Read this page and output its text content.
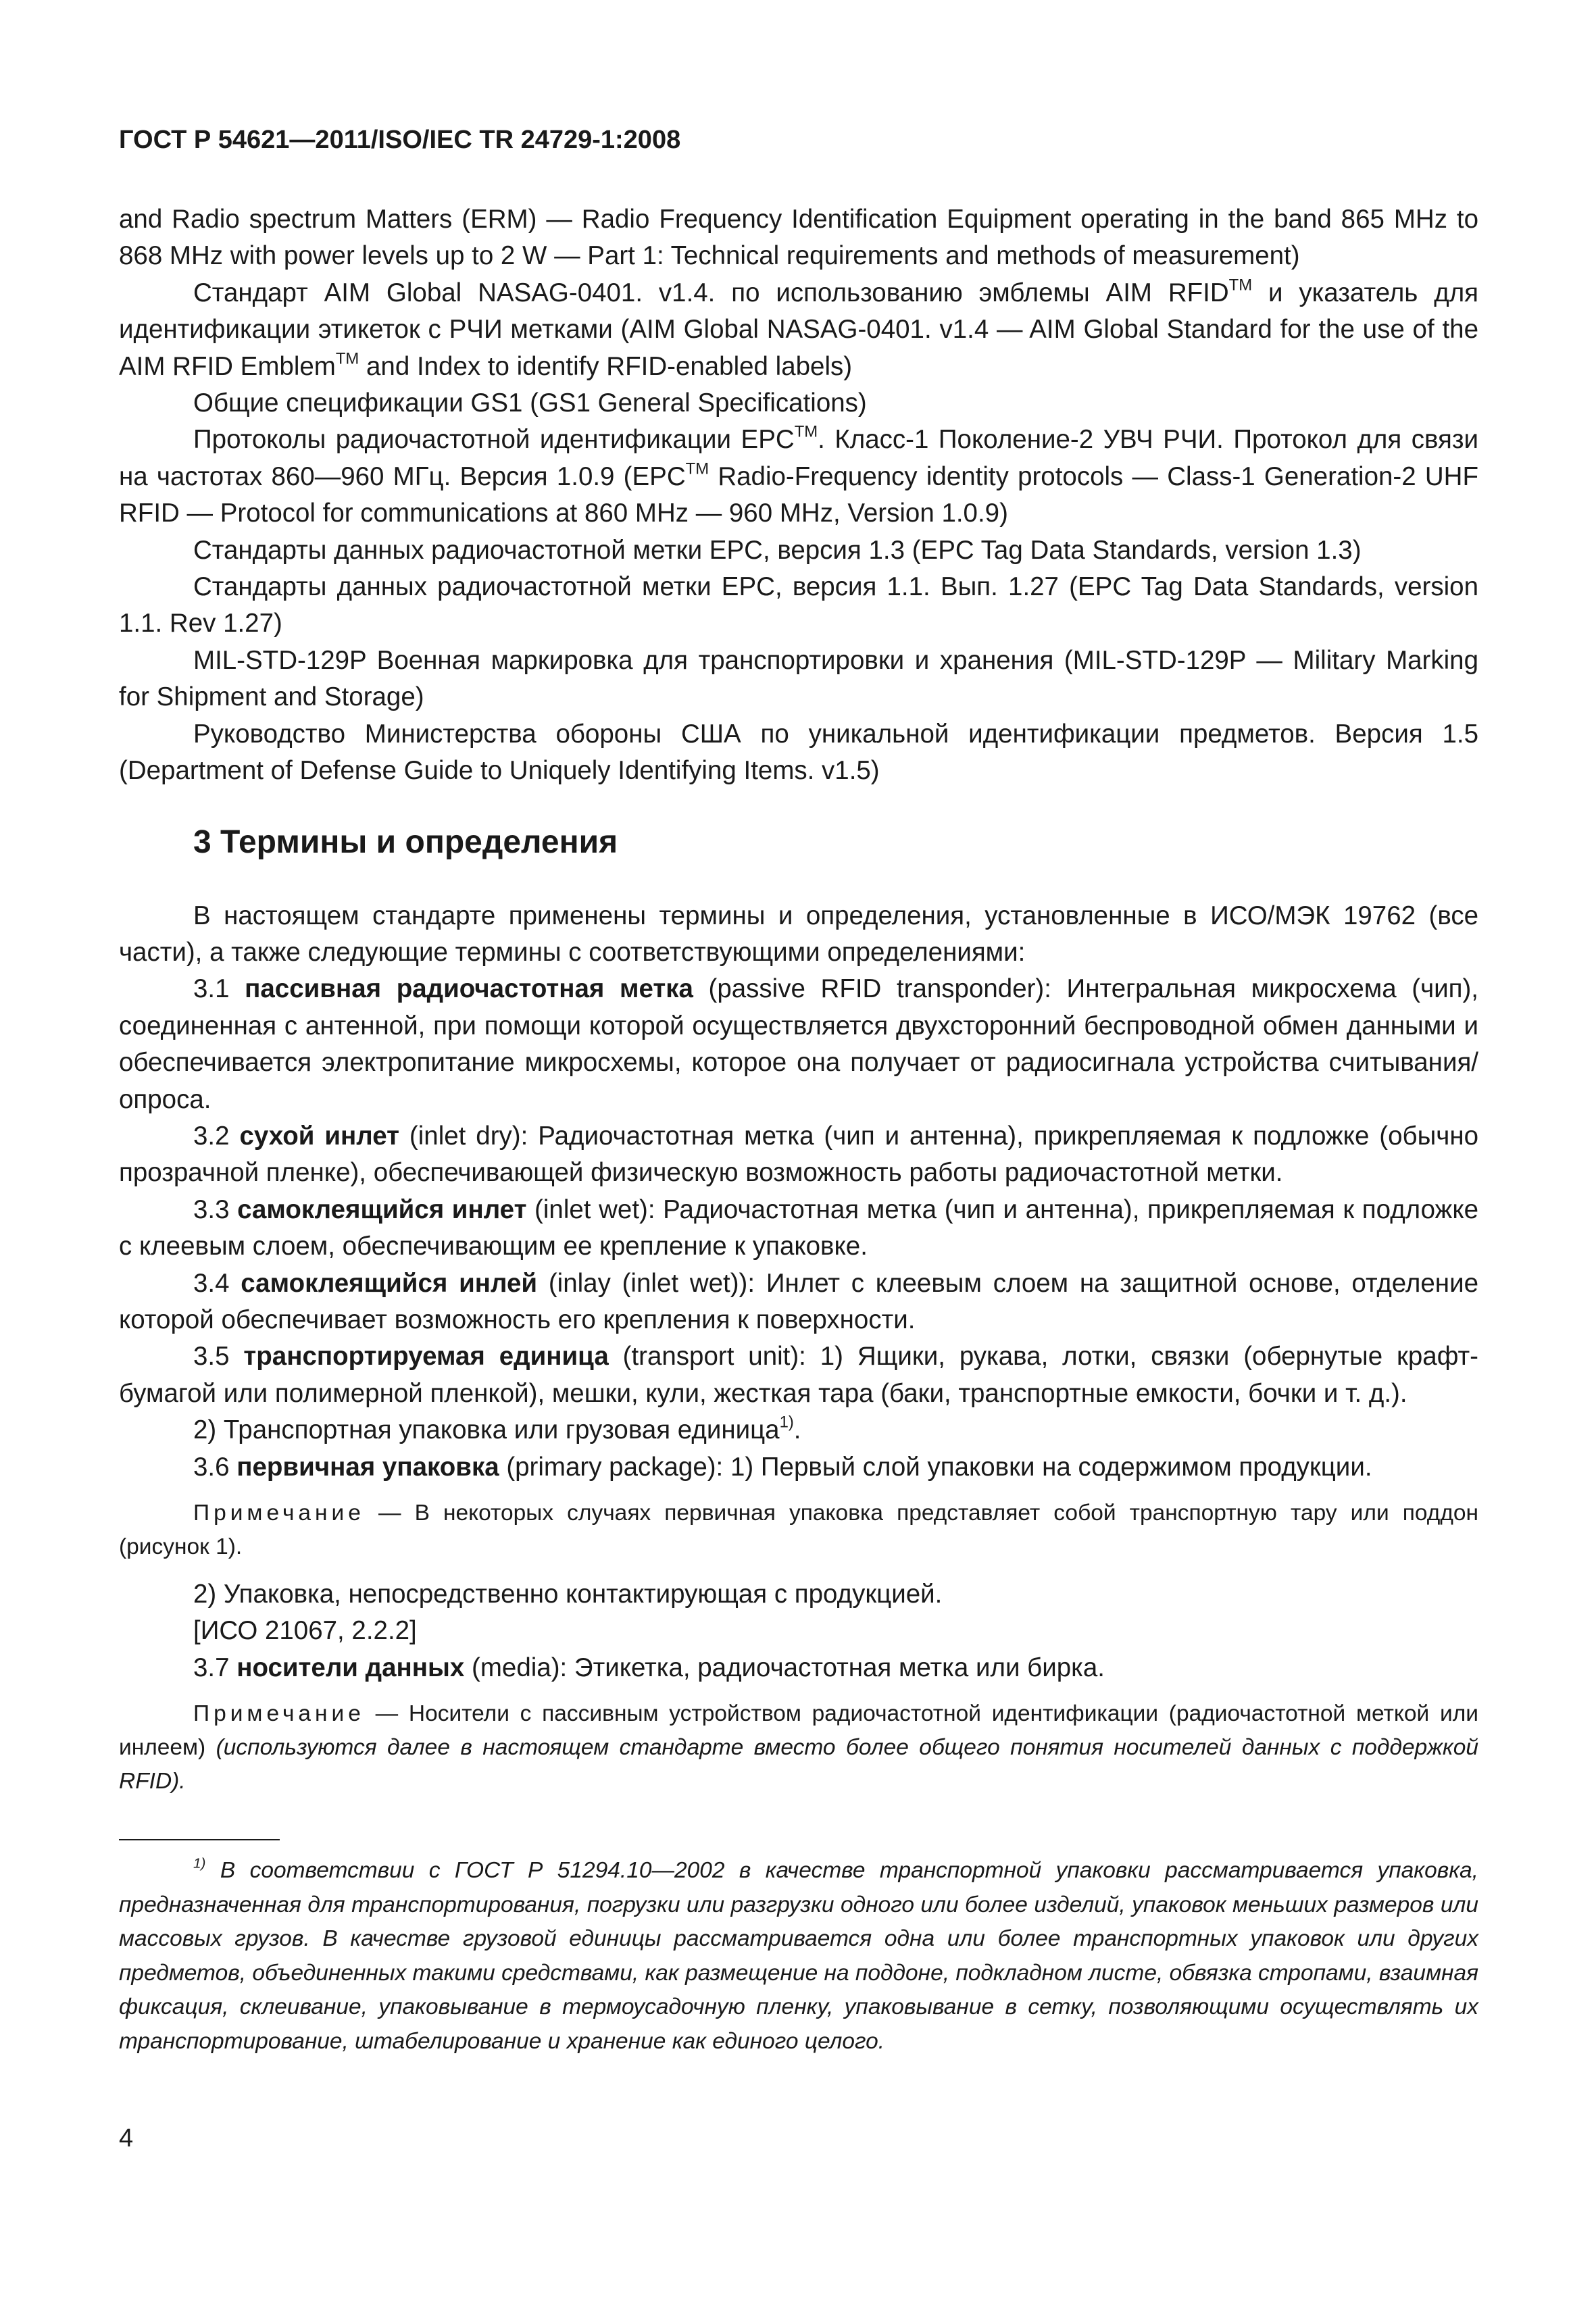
ГОСТ Р 54621—2011/ISO/IEC TR 24729-1:2008

and Radio spectrum Matters (ERM) — Radio Frequency Identification Equipment operating in the band 865 MHz to 868 MHz with power levels up to 2 W — Part 1: Technical requirements and methods of measurement)

Стандарт AIM Global NASAG-0401. v1.4. по использованию эмблемы AIM RFID™ и указатель для идентификации этикеток с РЧИ метками (AIM Global NASAG-0401. v1.4 — AIM Global Standard for the use of the AIM RFID Emblem™ and Index to identify RFID-enabled labels)

Общие спецификации GS1 (GS1 General Specifications)

Протоколы радиочастотной идентификации EPC™. Класс-1 Поколение-2 УВЧ РЧИ. Протокол для связи на частотах 860—960 МГц. Версия 1.0.9 (EPC™ Radio-Frequency identity protocols — Class-1 Generation-2 UHF RFID — Protocol for communications at 860 MHz — 960 MHz, Version 1.0.9)

Стандарты данных радиочастотной метки EPC, версия 1.3 (EPC Tag Data Standards, version 1.3)

Стандарты данных радиочастотной метки EPC, версия 1.1. Вып. 1.27 (EPC Tag Data Standards, version 1.1. Rev 1.27)

MIL-STD-129P Военная маркировка для транспортировки и хранения (MIL-STD-129P — Military Marking for Shipment and Storage)

Руководство Министерства обороны США по уникальной идентификации предметов. Версия 1.5 (Department of Defense Guide to Uniquely Identifying Items. v1.5)

3 Термины и определения

В настоящем стандарте применены термины и определения, установленные в ИСО/МЭК 19762 (все части), а также следующие термины с соответствующими определениями:

3.1 пассивная радиочастотная метка (passive RFID transponder): Интегральная микросхема (чип), соединенная с антенной, при помощи которой осуществляется двухсторонний беспроводной обмен данными и обеспечивается электропитание микросхемы, которое она получает от радиосигнала устройства считывания/опроса.

3.2 сухой инлет (inlet dry): Радиочастотная метка (чип и антенна), прикрепляемая к подложке (обычно прозрачной пленке), обеспечивающей физическую возможность работы радиочастотной метки.

3.3 самоклеящийся инлет (inlet wet): Радиочастотная метка (чип и антенна), прикрепляемая к подложке с клеевым слоем, обеспечивающим ее крепление к упаковке.

3.4 самоклеящийся инлей (inlay (inlet wet)): Инлет с клеевым слоем на защитной основе, отделение которой обеспечивает возможность его крепления к поверхности.

3.5 транспортируемая единица (transport unit): 1) Ящики, рукава, лотки, связки (обернутые крафт-бумагой или полимерной пленкой), мешки, кули, жесткая тара (баки, транспортные емкости, бочки и т. д.).

2) Транспортная упаковка или грузовая единица$^{1)}$.

3.6 первичная упаковка (primary package): 1) Первый слой упаковки на содержимом продукции.

Примечание — В некоторых случаях первичная упаковка представляет собой транспортную тару или поддон (рисунок 1).

2) Упаковка, непосредственно контактирующая с продукцией.

[ИСО 21067, 2.2.2]

3.7 носители данных (media): Этикетка, радиочастотная метка или бирка.

Примечание — Носители с пассивным устройством радиочастотной идентификации (радиочастотной меткой или инлеем) (используются далее в настоящем стандарте вместо более общего понятия носителей данных с поддержкой RFID).

$^{1)}$ В соответствии с ГОСТ Р 51294.10—2002 в качестве транспортной упаковки рассматривается упаковка, предназначенная для транспортирования, погрузки или разгрузки одного или более изделий, упаковок меньших размеров или массовых грузов. В качестве грузовой единицы рассматривается одна или более транспортных упаковок или других предметов, объединенных такими средствами, как размещение на поддоне, подкладном листе, обвязка стропами, взаимная фиксация, склеивание, упаковывание в термоусадочную пленку, упаковывание в сетку, позволяющими осуществлять их транспортирование, штабелирование и хранение как единого целого.

4
